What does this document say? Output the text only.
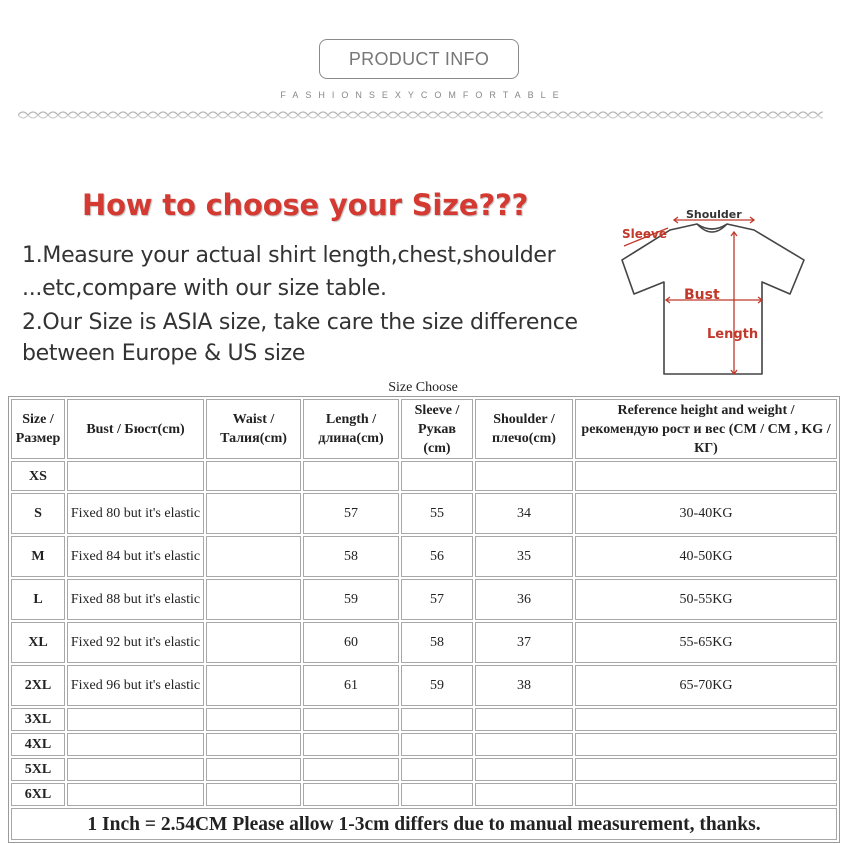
PRODUCT INFO
FASHIONSEXYCOMFORTABLE
How to choose your Size???
1.Measure your actual shirt length,chest,shoulder
...etc,compare with our size table.
2.Our Size is ASIA size, take care the size difference
between Europe & US size
Shoulder
Sleeve
Bust
Length
Size Choose
Size / Размер	Bust / Бюст(cm)	Waist / Талия(cm)	Length / длина(cm)	Sleeve / Рукав (cm)	Shoulder / плечо(cm)	Reference height and weight / рекомендую рост и вес (CM / CM , KG / КГ)
XS						
S	Fixed 80 but it's elastic		57	55	34	30-40KG
M	Fixed 84 but it's elastic		58	56	35	40-50KG
L	Fixed 88 but it's elastic		59	57	36	50-55KG
XL	Fixed 92 but it's elastic		60	58	37	55-65KG
2XL	Fixed 96 but it's elastic		61	59	38	65-70KG
3XL						
4XL						
5XL						
6XL						
1 Inch = 2.54CM Please allow 1-3cm differs due to manual measurement, thanks.						
